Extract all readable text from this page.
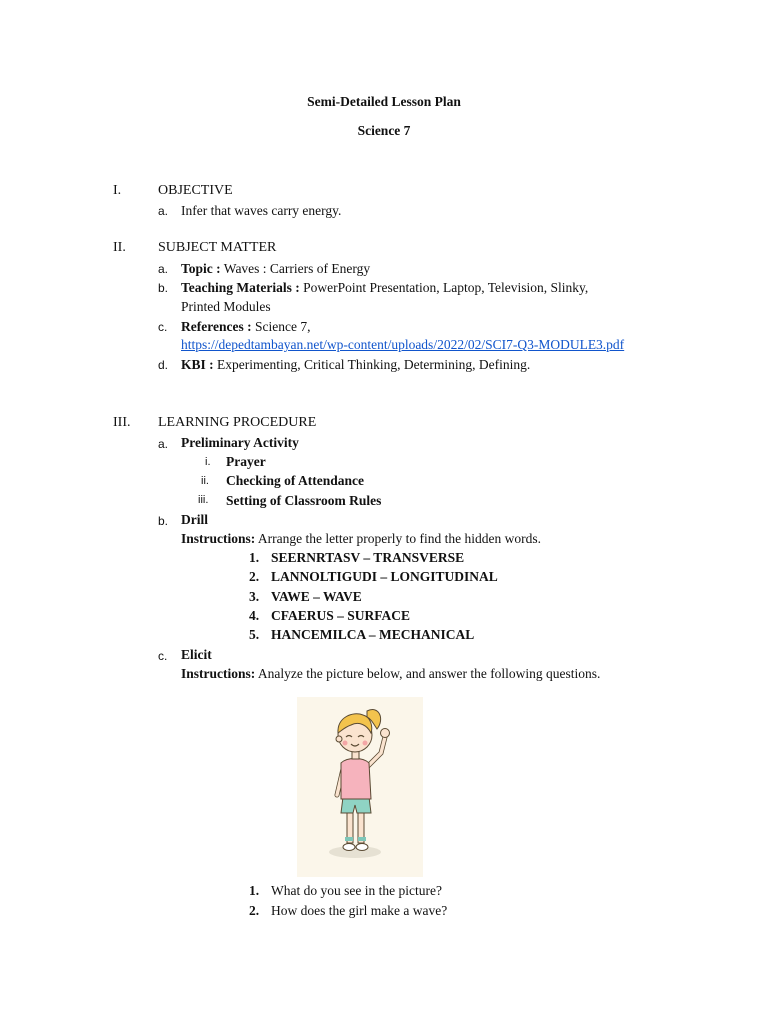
Semi-Detailed Lesson Plan
Science 7
I.	OBJECTIVE
a. Infer that waves carry energy.
II. SUBJECT MATTER
a. Topic : Waves : Carriers of Energy
b. Teaching Materials : PowerPoint Presentation, Laptop, Television, Slinky,
Printed Modules
c. References : Science 7,
https://depedtambayan.net/wp-content/uploads/2022/02/SCI7-Q3-MODULE3.pdf
d. KBI : Experimenting, Critical Thinking, Determining, Defining.
III. LEARNING PROCEDURE
a. Preliminary Activity
i. Prayer
ii. Checking of Attendance
iii. Setting of Classroom Rules
b. Drill
Instructions: Arrange the letter properly to find the hidden words.
1. SEERNRTASV – TRANSVERSE
2. LANNOLTIGUDI – LONGITUDINAL
3. VAWE – WAVE
4. CFAERUS – SURFACE
5. HANCEMILCA – MECHANICAL
c. Elicit
Instructions: Analyze the picture below, and answer the following questions.
1. What do you see in the picture?
2. How does the girl make a wave?
